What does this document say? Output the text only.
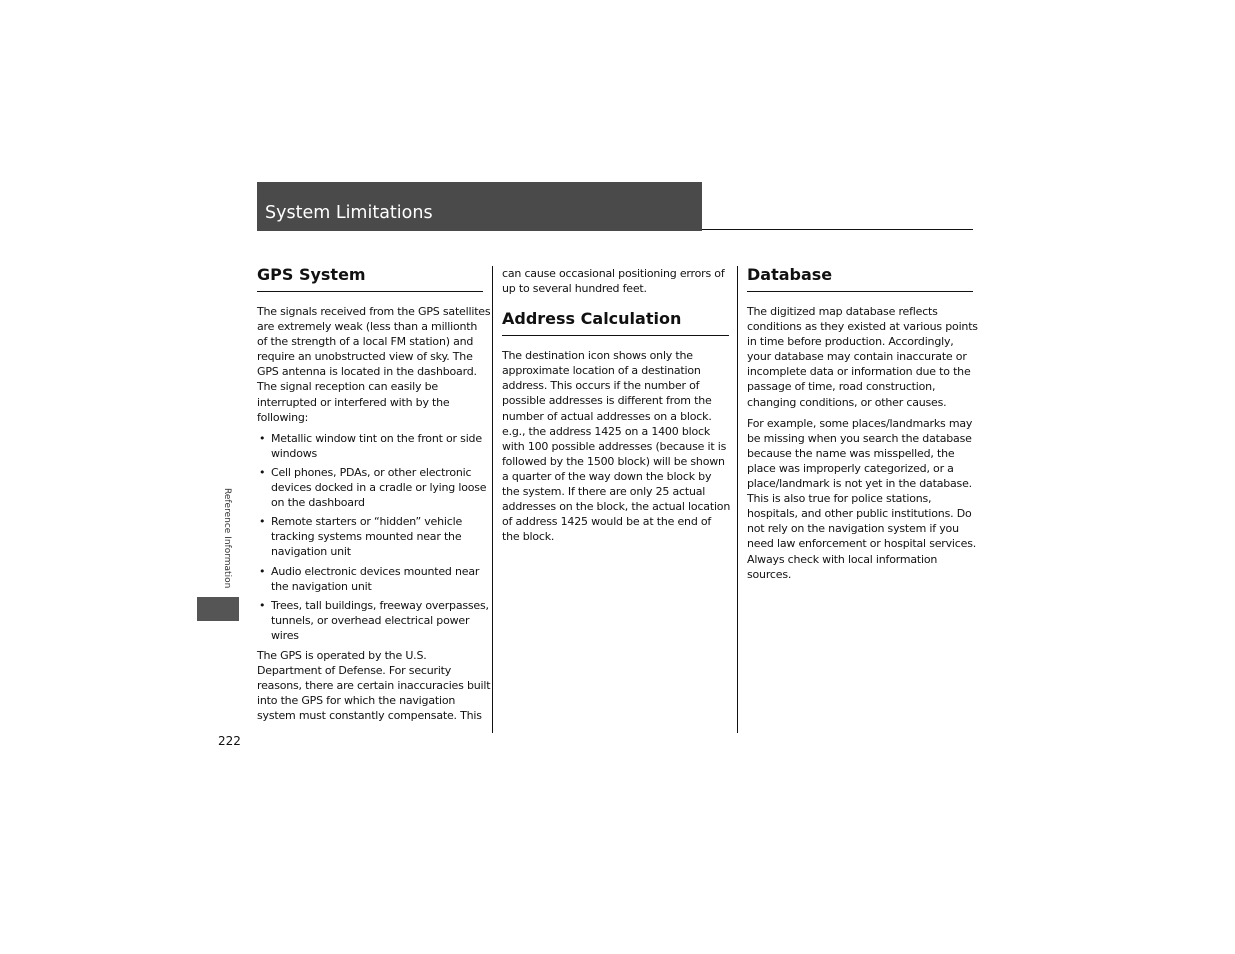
System Limitations
GPS System

The signals received from the GPS satellites
are extremely weak (less than a millionth
of the strength of a local FM station) and
require an unobstructed view of sky. The
GPS antenna is located in the dashboard.
The signal reception can easily be
interrupted or interfered with by the
following:

• Metallic window tint on the front or side
windows
• Cell phones, PDAs, or other electronic
devices docked in a cradle or lying loose
on the dashboard
• Remote starters or “hidden” vehicle
tracking systems mounted near the
navigation unit
• Audio electronic devices mounted near
the navigation unit
• Trees, tall buildings, freeway overpasses,
tunnels, or overhead electrical power
wires

The GPS is operated by the U.S.
Department of Defense. For security
reasons, there are certain inaccuracies built
into the GPS for which the navigation
system must constantly compensate. This

can cause occasional positioning errors of
up to several hundred feet.

Address Calculation

The destination icon shows only the
approximate location of a destination
address. This occurs if the number of
possible addresses is different from the
number of actual addresses on a block.
e.g., the address 1425 on a 1400 block
with 100 possible addresses (because it is
followed by the 1500 block) will be shown
a quarter of the way down the block by
the system. If there are only 25 actual
addresses on the block, the actual location
of address 1425 would be at the end of
the block.

Database

The digitized map database reflects
conditions as they existed at various points
in time before production. Accordingly,
your database may contain inaccurate or
incomplete data or information due to the
passage of time, road construction,
changing conditions, or other causes.

For example, some places/landmarks may
be missing when you search the database
because the name was misspelled, the
place was improperly categorized, or a
place/landmark is not yet in the database.
This is also true for police stations,
hospitals, and other public institutions. Do
not rely on the navigation system if you
need law enforcement or hospital services.
Always check with local information
sources.

Reference Information
222
